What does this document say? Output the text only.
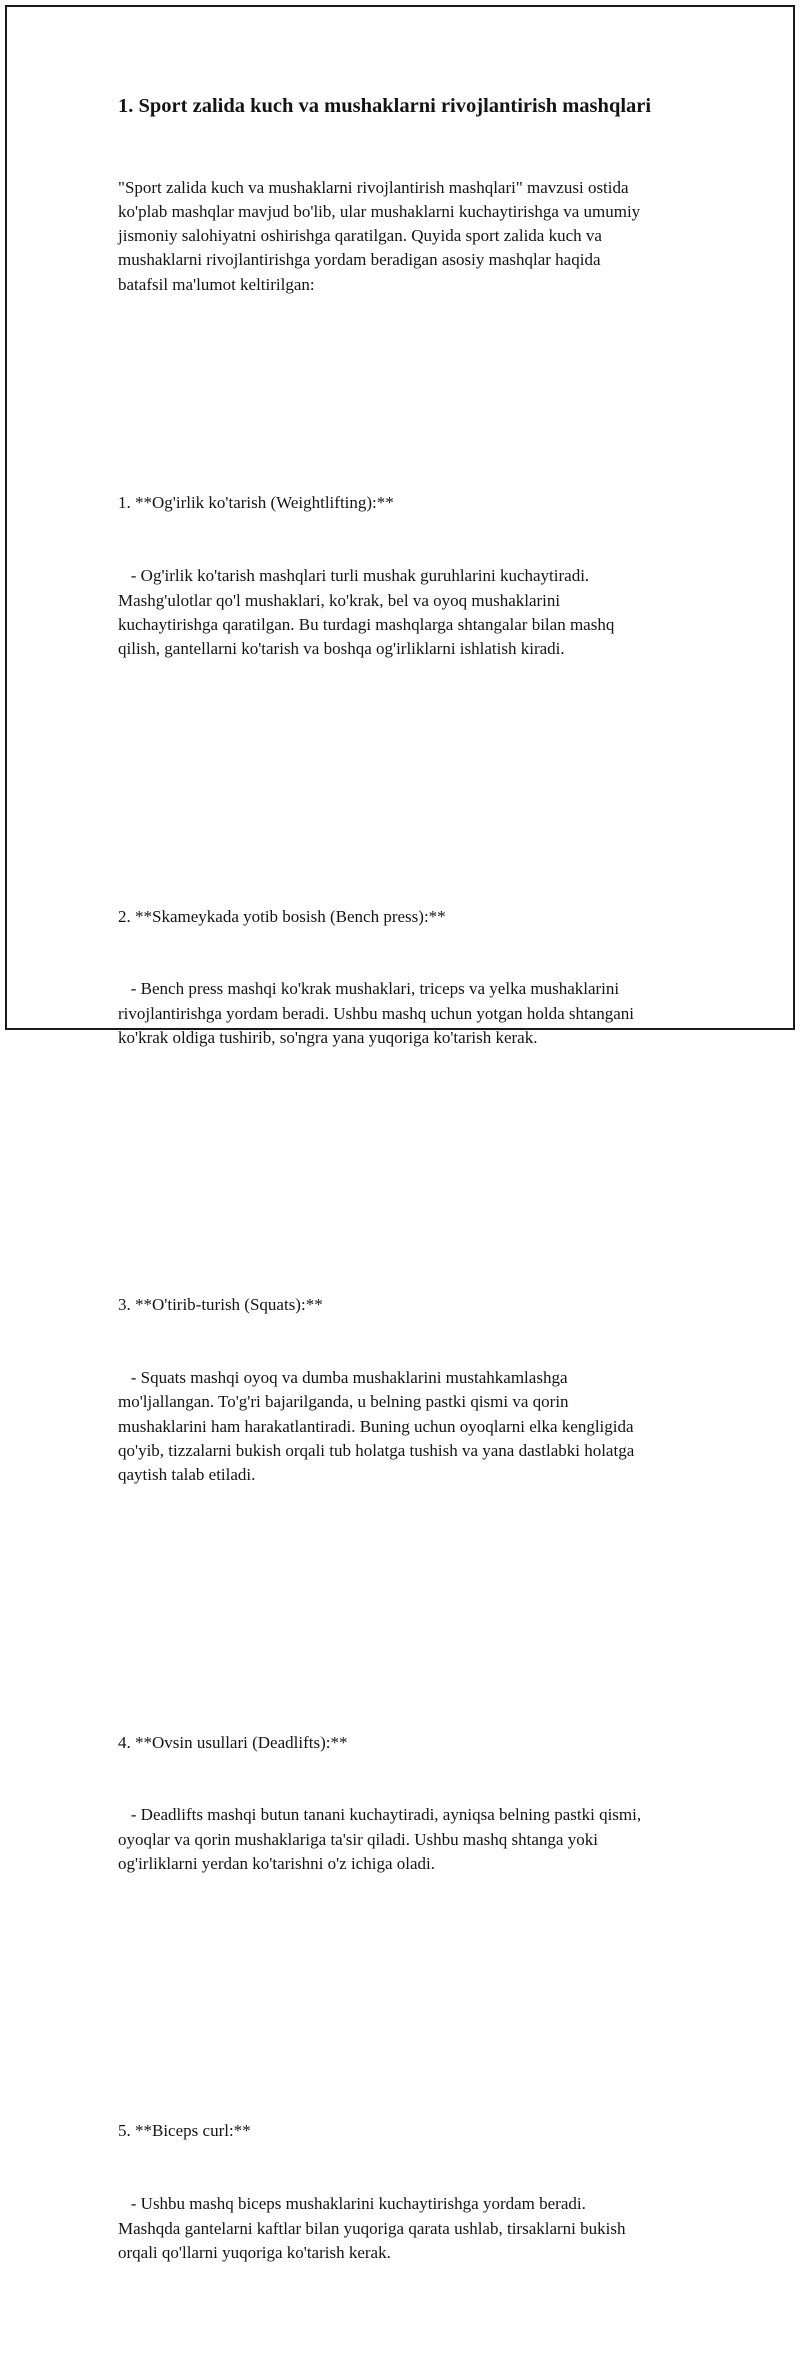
1. Sport zalida kuch va mushaklarni rivojlantirish mashqlari

"Sport zalida kuch va mushaklarni rivojlantirish mashqlari" mavzusi ostida
ko'plab mashqlar mavjud bo'lib, ular mushaklarni kuchaytirishga va umumiy
jismoniy salohiyatni oshirishga qaratilgan. Quyida sport zalida kuch va
mushaklarni rivojlantirishga yordam beradigan asosiy mashqlar haqida
batafsil ma'lumot keltirilgan:

1. **Og'irlik ko'tarish (Weightlifting):**

- Og'irlik ko'tarish mashqlari turli mushak guruhlarini kuchaytiradi.
Mashg'ulotlar qo'l mushaklari, ko'krak, bel va oyoq mushaklarini
kuchaytirishga qaratilgan. Bu turdagi mashqlarga shtangalar bilan mashq
qilish, gantellarni ko'tarish va boshqa og'irliklarni ishlatish kiradi.

2. **Skameykada yotib bosish (Bench press):**

- Bench press mashqi ko'krak mushaklari, triceps va yelka mushaklarini
rivojlantirishga yordam beradi. Ushbu mashq uchun yotgan holda shtangani
ko'krak oldiga tushirib, so'ngra yana yuqoriga ko'tarish kerak.

3. **O'tirib-turish (Squats):**

- Squats mashqi oyoq va dumba mushaklarini mustahkamlashga
mo'ljallangan. To'g'ri bajarilganda, u belning pastki qismi va qorin
mushaklarini ham harakatlantiradi. Buning uchun oyoqlarni elka kengligida
qo'yib, tizzalarni bukish orqali tub holatga tushish va yana dastlabki holatga
qaytish talab etiladi.

4. **Ovsin usullari (Deadlifts):**

- Deadlifts mashqi butun tanani kuchaytiradi, ayniqsa belning pastki qismi,
oyoqlar va qorin mushaklariga ta'sir qiladi. Ushbu mashq shtanga yoki
og'irliklarni yerdan ko'tarishni o'z ichiga oladi.

5. **Biceps curl:**

- Ushbu mashq biceps mushaklarini kuchaytirishga yordam beradi.
Mashqda gantelarni kaftlar bilan yuqoriga qarata ushlab, tirsaklarni bukish
orqali qo'llarni yuqoriga ko'tarish kerak.
